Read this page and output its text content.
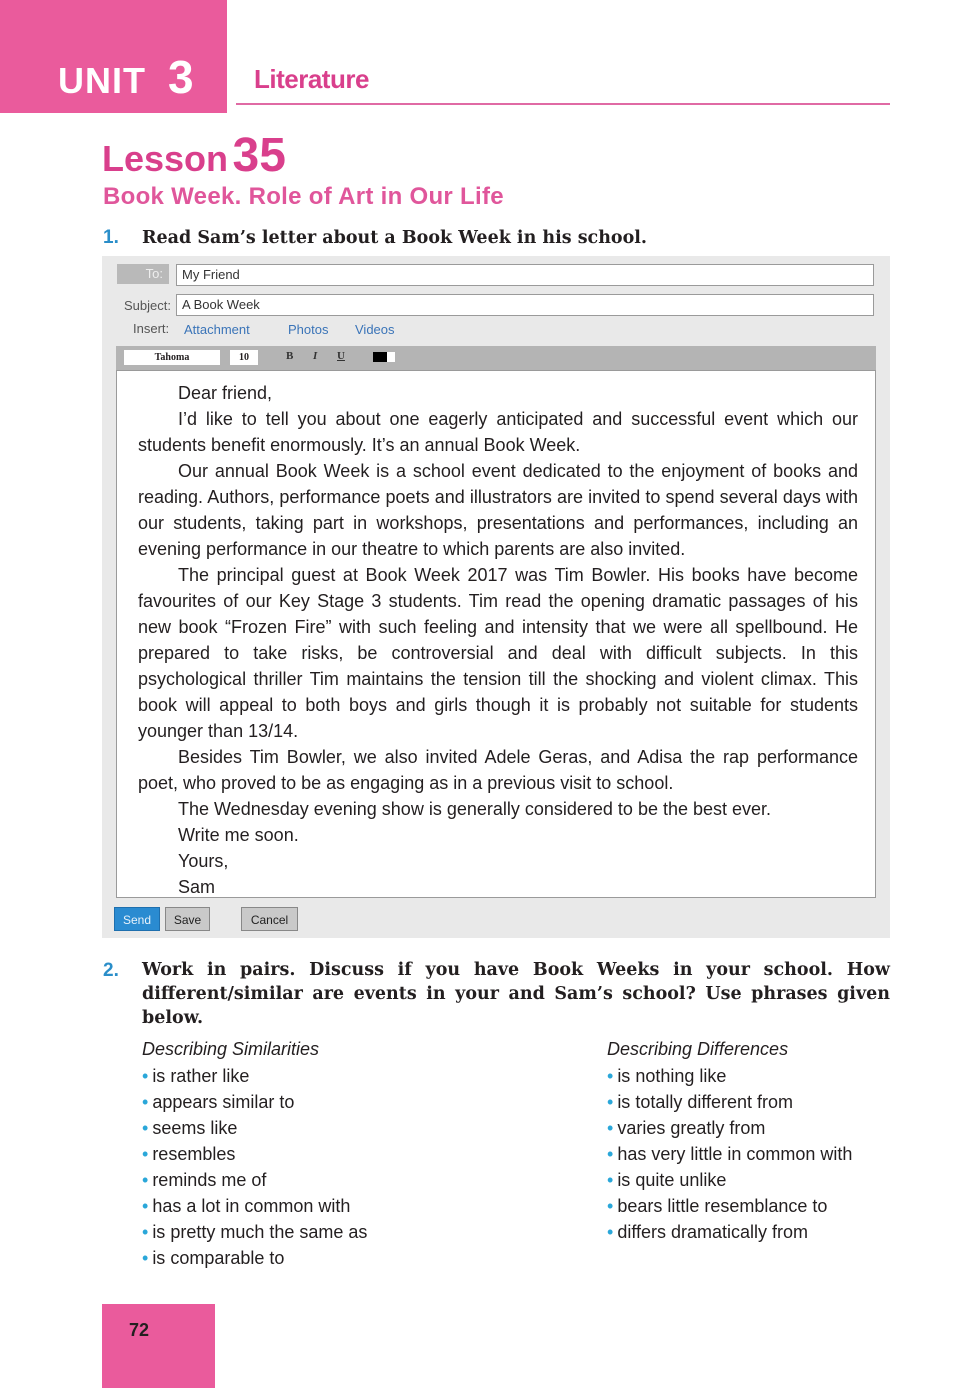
UNIT 3 Literature
Lesson 35
Book Week. Role of Art in Our Life
1. Read Sam’s letter about a Book Week in his school.
To:	My Friend
Subject: A Book Week
Insert: Attachment	Photos Videos
Tahoma	10	B I U

Dear friend,

I’d like to tell you about one eagerly anticipated and successful event which our students benefit enormously. It’s an annual Book Week.

Our annual Book Week is a school event dedicated to the enjoyment of books and reading. Authors, performance poets and illustrators are invited to spend several days with our students, taking part in workshops, presentations and performances, including an evening performance in our theatre to which parents are also invited.

The principal guest at Book Week 2017 was Tim Bowler. His books have become favourites of our Key Stage 3 students. Tim read the opening dramatic passages of his new book “Frozen Fire” with such feeling and intensity that we were all spellbound. He prepared to take risks, be controversial and deal with difficult subjects. In this psychological thriller Tim maintains the tension till the shocking and violent climax. This book will appeal to both boys and girls though it is probably not suitable for students younger than 13/14.

Besides Tim Bowler, we also invited Adele Geras, and Adisa the rap performance poet, who proved to be as engaging as in a previous visit to school.

The Wednesday evening show is generally considered to be the best ever.

Write me soon.

Yours,

Sam

Send	Save	Cancel
2. Work in pairs. Discuss if you have Book Weeks in your school. How
different/similar are events in your and Sam’s school? Use phrases given
below.
Describing Similarities
• is rather like
• appears similar to
• seems like
• resembles
• reminds me of
• has a lot in common with
• is pretty much the same as
• is comparable to
Describing Differences
• is nothing like
• is totally different from
• varies greatly from
• has very little in common with
• is quite unlike
• bears little resemblance to
• differs dramatically from
72
